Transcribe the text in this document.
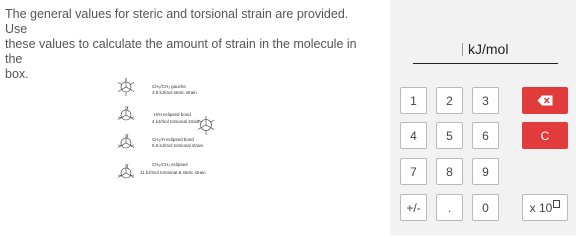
The general values for steric and torsional strain are provided. Use
these values to calculate the amount of strain in the molecule in the
box.
CH₃/CH₃ gauche
3.8 kJ/mol steric strain
H/H eclipsed bond
4 kJ/mol torsional strain
CH₃/H eclipsed bond
5.6 kJ/mol torsional strain
CH₃/CH₃ eclipsed
11 kJ/mol torsional & steric strain
kJ/mol
1	2	3
4	5	6
7	8	9
+/-	.	0
C
x 10
